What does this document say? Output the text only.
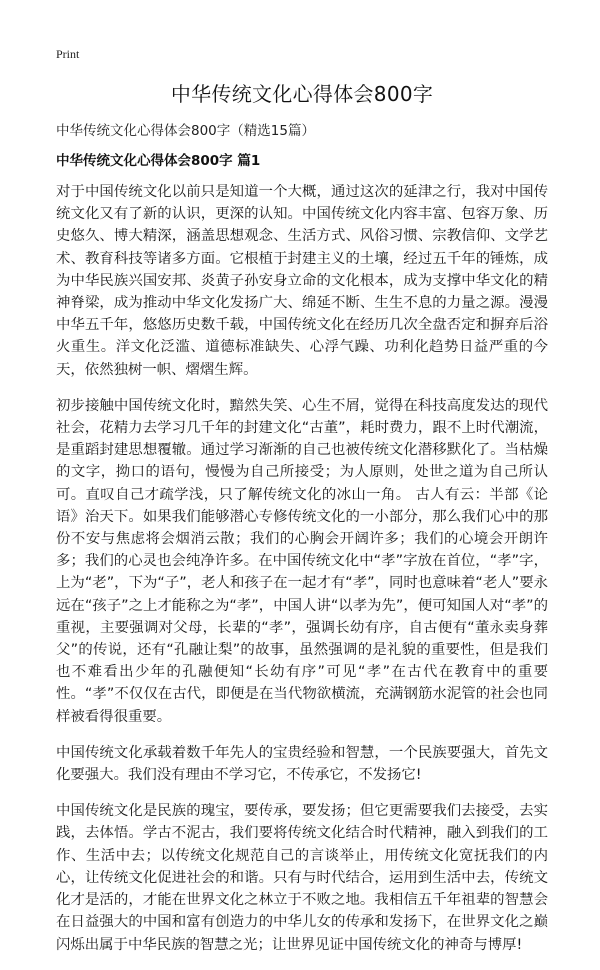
Print
中华传统文化心得体会800字
中华传统文化心得体会800字（精选15篇）
中华传统文化心得体会800字 篇1

对于中国传统文化以前只是知道一个大概，通过这次的延津之行，我对中国传统文化又有了新的认识，更深的认知。中国传统文化内容丰富、包容万象、历史悠久、博大精深，涵盖思想观念、生活方式、风俗习惯、宗教信仰、文学艺术、教育科技等诸多方面。它根植于封建主义的土壤，经过五千年的锤炼，成为中华民族兴国安邦、炎黄子孙安身立命的文化根本，成为支撑中华文化的精神脊梁，成为推动中华文化发扬广大、绵延不断、生生不息的力量之源。漫漫中华五千年，悠悠历史数千载，中国传统文化在经历几次全盘否定和摒弃后浴火重生。洋文化泛滥、道德标准缺失、心浮气躁、功利化趋势日益严重的今天，依然独树一帜、熠熠生辉。

初步接触中国传统文化时，黯然失笑、心生不屑，觉得在科技高度发达的现代社会，花精力去学习几千年的封建文化“古董”，耗时费力，跟不上时代潮流，是重蹈封建思想覆辙。通过学习渐渐的自己也被传统文化潜移默化了。当枯燥的文字，拗口的语句，慢慢为自己所接受；为人原则，处世之道为自己所认可。直叹自己才疏学浅，只了解传统文化的冰山一角。 古人有云：半部《论语》治天下。如果我们能够潜心专修传统文化的一小部分，那么我们心中的那份不安与焦虑将会烟消云散；我们的心胸会开阔许多；我们的心境会开朗许多；我们的心灵也会纯净许多。在中国传统文化中“孝”字放在首位，“孝”字，上为“老”，下为“子”，老人和孩子在一起才有“孝”，同时也意味着“老人”要永远在“孩子”之上才能称之为“孝”，中国人讲“以孝为先”，便可知国人对“孝”的重视，主要强调对父母，长辈的“孝”，强调长幼有序，自古便有“董永卖身葬父”的传说，还有“孔融让梨”的故事，虽然强调的是礼貌的重要性，但是我们也不难看出少年的孔融便知“长幼有序”可见“孝”在古代在教育中的重要性。“孝”不仅仅在古代，即便是在当代物欲横流，充满钢筋水泥管的社会也同样被看得很重要。

中国传统文化承载着数千年先人的宝贵经验和智慧，一个民族要强大，首先文化要强大。我们没有理由不学习它，不传承它，不发扬它!

中国传统文化是民族的瑰宝，要传承，要发扬；但它更需要我们去接受，去实践，去体悟。学古不泥古，我们要将传统文化结合时代精神，融入到我们的工作、生活中去；以传统文化规范自己的言谈举止，用传统文化宽抚我们的内心，让传统文化促进社会的和谐。只有与时代结合，运用到生活中去，传统文化才是活的，才能在世界文化之林立于不败之地。我相信五千年祖辈的智慧会在日益强大的中国和富有创造力的中华儿女的传承和发扬下，在世界文化之巅闪烁出属于中华民族的智慧之光；让世界见证中国传统文化的神奇与博厚!
